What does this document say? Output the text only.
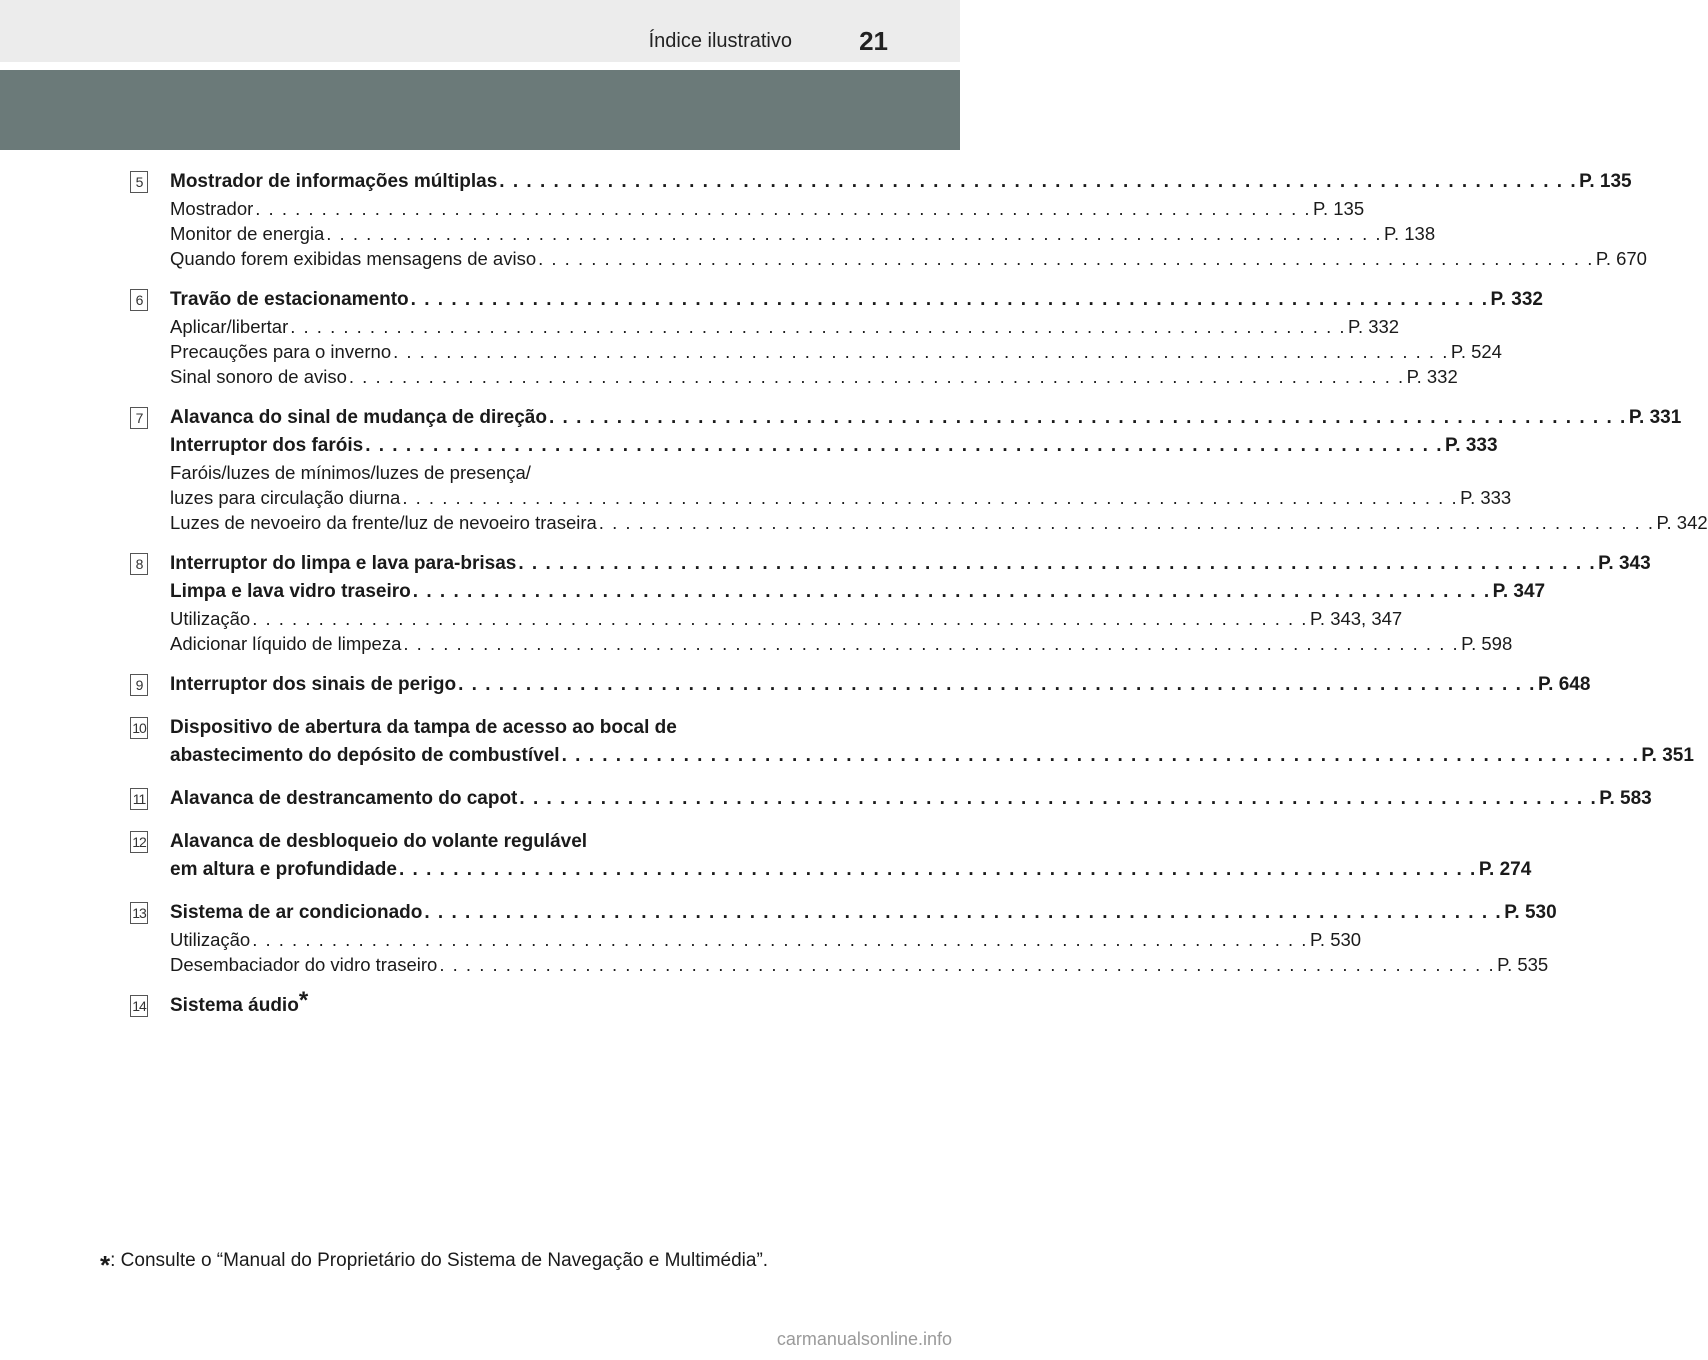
Índice ilustrativo	21
5 Mostrador de informações múltiplas . . . . . . . . . . . . . . . . . . . . . . . . . . . . . . . . . . . . . . . . . . . . . . . . . . . . . . . . . . . . . . . . . . . . . . . . . . . . . . . . P. 135
Mostrador . . . . . . . . . . . . . . . . . . . . . . . . . . . . . . . . . . . . . . . . . . . . . . . . . . . . . . . . . . . . . . . . . . . . . . . . . . . . . . . . P. 135
Monitor de energia . . . . . . . . . . . . . . . . . . . . . . . . . . . . . . . . . . . . . . . . . . . . . . . . . . . . . . . . . . . . . . . . . . . . . . . . . . . . . . . . P. 138
Quando forem exibidas mensagens de aviso . . . . . . . . . . . . . . . . . . . . . . . . . . . . . . . . . . . . . . . . . . . . . . . . . . . . . . . . . . . . . . . . . . . . . . . . . . . . . . . . P. 670
6 Travão de estacionamento . . . . . . . . . . . . . . . . . . . . . . . . . . . . . . . . . . . . . . . . . . . . . . . . . . . . . . . . . . . . . . . . . . . . . . . . . . . . . . . . P. 332
Aplicar/libertar . . . . . . . . . . . . . . . . . . . . . . . . . . . . . . . . . . . . . . . . . . . . . . . . . . . . . . . . . . . . . . . . . . . . . . . . . . . . . . . . P. 332
Precauções para o inverno . . . . . . . . . . . . . . . . . . . . . . . . . . . . . . . . . . . . . . . . . . . . . . . . . . . . . . . . . . . . . . . . . . . . . . . . . . . . . . . . P. 524
Sinal sonoro de aviso . . . . . . . . . . . . . . . . . . . . . . . . . . . . . . . . . . . . . . . . . . . . . . . . . . . . . . . . . . . . . . . . . . . . . . . . . . . . . . . . P. 332
7 Alavanca do sinal de mudança de direção . . . . . . . . . . . . . . . . . . . . . . . . . . . . . . . . . . . . . . . . . . . . . . . . . . . . . . . . . . . . . . . . . . . . . . . . . . . . . . . . P. 331
Interruptor dos faróis . . . . . . . . . . . . . . . . . . . . . . . . . . . . . . . . . . . . . . . . . . . . . . . . . . . . . . . . . . . . . . . . . . . . . . . . . . . . . . . . P. 333
Faróis/luzes de mínimos/luzes de presença/
luzes para circulação diurna . . . . . . . . . . . . . . . . . . . . . . . . . . . . . . . . . . . . . . . . . . . . . . . . . . . . . . . . . . . . . . . . . . . . . . . . . . . . . . . . P. 333
Luzes de nevoeiro da frente/luz de nevoeiro traseira . . . . . . . . . . . . . . . . . . . . . . . . . . . . . . . . . . . . . . . . . . . . . . . . . . . . . . . . . . . . . . . . . . . . . . . . . . . . . . . . P. 342
8 Interruptor do limpa e lava para-brisas . . . . . . . . . . . . . . . . . . . . . . . . . . . . . . . . . . . . . . . . . . . . . . . . . . . . . . . . . . . . . . . . . . . . . . . . . . . . . . . . P. 343
Limpa e lava vidro traseiro . . . . . . . . . . . . . . . . . . . . . . . . . . . . . . . . . . . . . . . . . . . . . . . . . . . . . . . . . . . . . . . . . . . . . . . . . . . . . . . . P. 347
Utilização . . . . . . . . . . . . . . . . . . . . . . . . . . . . . . . . . . . . . . . . . . . . . . . . . . . . . . . . . . . . . . . . . . . . . . . . . . . . . . . . P. 343, 347
Adicionar líquido de limpeza . . . . . . . . . . . . . . . . . . . . . . . . . . . . . . . . . . . . . . . . . . . . . . . . . . . . . . . . . . . . . . . . . . . . . . . . . . . . . . . . P. 598
9 Interruptor dos sinais de perigo . . . . . . . . . . . . . . . . . . . . . . . . . . . . . . . . . . . . . . . . . . . . . . . . . . . . . . . . . . . . . . . . . . . . . . . . . . . . . . . . P. 648
10	Dispositivo de abertura da tampa de acesso ao bocal de
abastecimento do depósito de combustível . . . . . . . . . . . . . . . . . . . . . . . . . . . . . . . . . . . . . . . . . . . . . . . . . . . . . . . . . . . . . . . . . . . . . . . . . . . . . . . . P. 351
11 Alavanca de destrancamento do capot . . . . . . . . . . . . . . . . . . . . . . . . . . . . . . . . . . . . . . . . . . . . . . . . . . . . . . . . . . . . . . . . . . . . . . . . . . . . . . . . P. 583
12	Alavanca de desbloqueio do volante regulável
em altura e profundidade . . . . . . . . . . . . . . . . . . . . . . . . . . . . . . . . . . . . . . . . . . . . . . . . . . . . . . . . . . . . . . . . . . . . . . . . . . . . . . . . P. 274
13 Sistema de ar condicionado . . . . . . . . . . . . . . . . . . . . . . . . . . . . . . . . . . . . . . . . . . . . . . . . . . . . . . . . . . . . . . . . . . . . . . . . . . . . . . . . P. 530
Utilização . . . . . . . . . . . . . . . . . . . . . . . . . . . . . . . . . . . . . . . . . . . . . . . . . . . . . . . . . . . . . . . . . . . . . . . . . . . . . . . . P. 530
Desembaciador do vidro traseiro . . . . . . . . . . . . . . . . . . . . . . . . . . . . . . . . . . . . . . . . . . . . . . . . . . . . . . . . . . . . . . . . . . . . . . . . . . . . . . . . P. 535
14	Sistema áudio*
*: Consulte o “Manual do Proprietário do Sistema de Navegação e Multimédia”.
carmanualsonline.info
